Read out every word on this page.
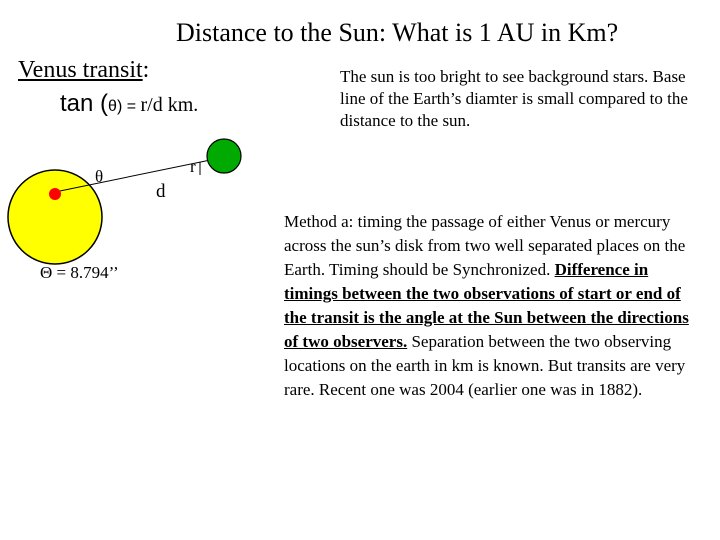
Distance to the Sun: What is 1 AU in Km?

Venus transit:

tan (θ) = r/d km.

The sun is too bright to see background stars. Base line of the Earth’s diamter is small compared to the distance to the sun.

θ
d
r

Θ = 8.794’’

Method a: timing the passage of either Venus or mercury across the sun’s disk from two well separated places on the Earth. Timing should be Synchronized. Difference in timings between the two observations of start or end of the transit is the angle at the Sun between the directions of two observers. Separation between the two observing locations on the earth in km is known. But transits are very rare. Recent one was 2004 (earlier one was in 1882).
